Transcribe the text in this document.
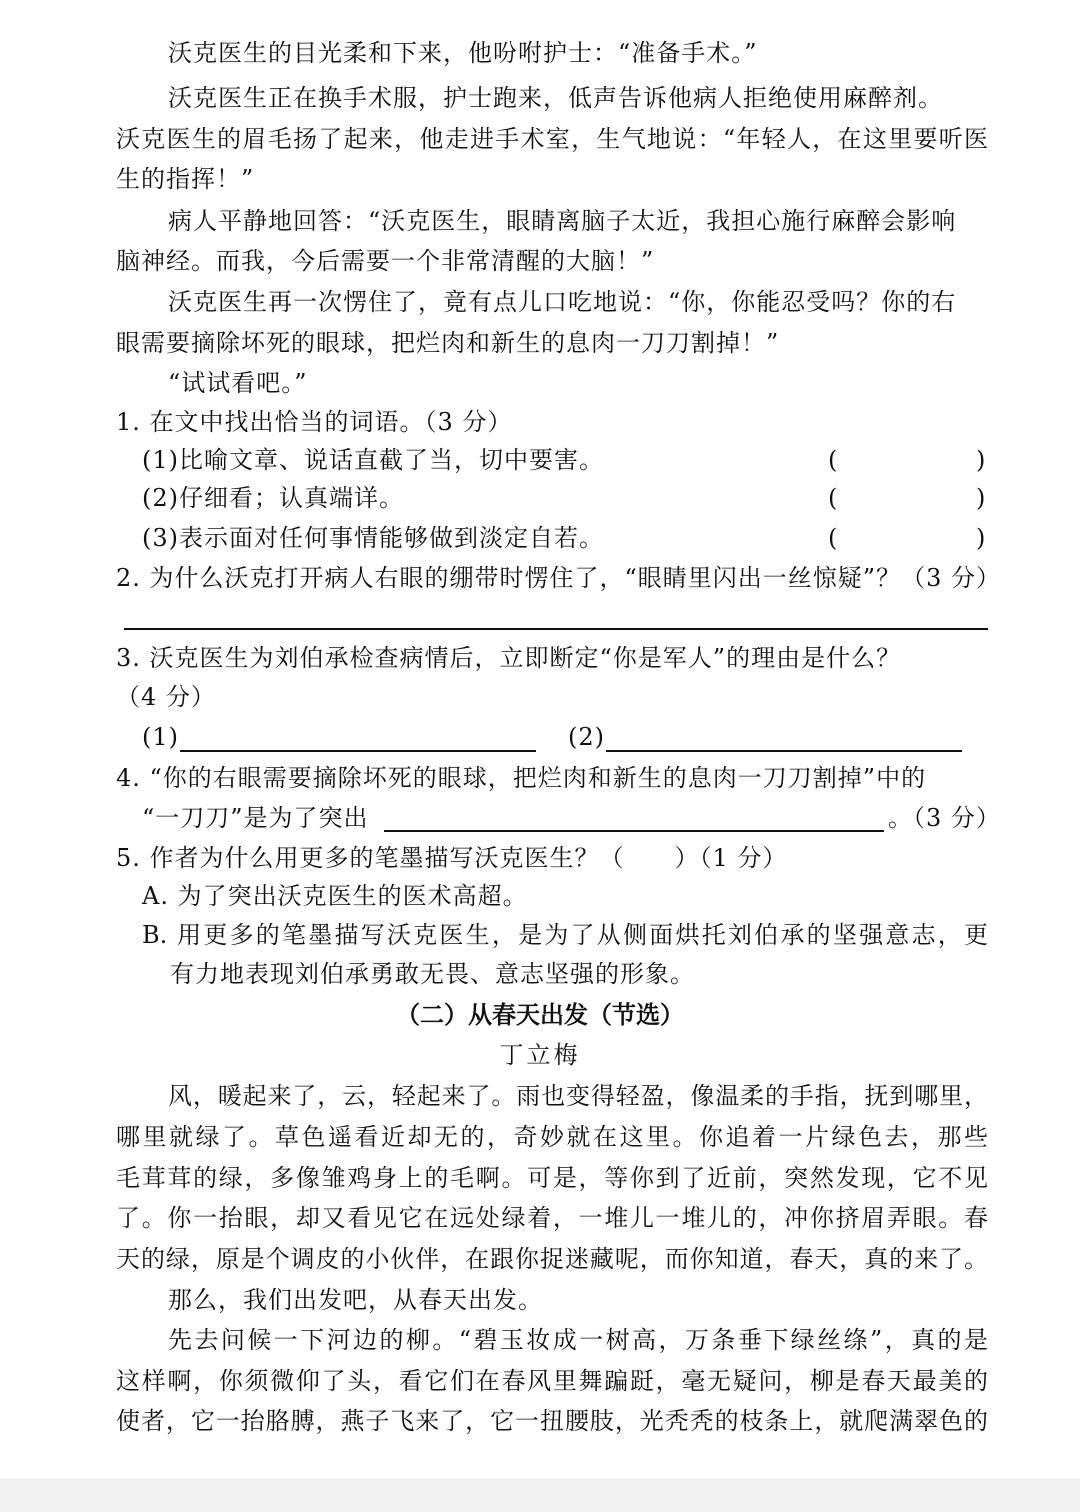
沃克医生的目光柔和下来，他吩咐护士：“准备手术。”
沃克医生正在换手术服，护士跑来，低声告诉他病人拒绝使用麻醉剂。
沃克医生的眉毛扬了起来，他走进手术室，生气地说：“年轻人，在这里要听医
生的指挥！”
病人平静地回答：“沃克医生，眼睛离脑子太近，我担心施行麻醉会影响
脑神经。而我，今后需要一个非常清醒的大脑！”
沃克医生再一次愣住了，竟有点儿口吃地说：“你，你能忍受吗？你的右
眼需要摘除坏死的眼球，把烂肉和新生的息肉一刀刀割掉！”
“试试看吧。”
1. 在文中找出恰当的词语。（3 分）
(1)比喻文章、说话直截了当，切中要害。	(	)
(2)仔细看；认真端详。	(	)
(3)表示面对任何事情能够做到淡定自若。	(	)
2. 为什么沃克打开病人右眼的绷带时愣住了，“眼睛里闪出一丝惊疑”？（3 分）
3. 沃克医生为刘伯承检查病情后，立即断定“你是军人”的理由是什么？
（4 分）
(1)	(2)
4. “你的右眼需要摘除坏死的眼球，把烂肉和新生的息肉一刀刀割掉”中的
“一刀刀”是为了突出	。（3 分）
5. 作者为什么用更多的笔墨描写沃克医生？（　　）（1 分）
A. 为了突出沃克医生的医术高超。
B. 用更多的笔墨描写沃克医生，是为了从侧面烘托刘伯承的坚强意志，更
有力地表现刘伯承勇敢无畏、意志坚强的形象。
（二）从春天出发（节选）
丁立梅
风，暖起来了，云，轻起来了。雨也变得轻盈，像温柔的手指，抚到哪里，
哪里就绿了。草色遥看近却无的，奇妙就在这里。你追着一片绿色去，那些
毛茸茸的绿，多像雏鸡身上的毛啊。可是，等你到了近前，突然发现，它不见
了。你一抬眼，却又看见它在远处绿着，一堆儿一堆儿的，冲你挤眉弄眼。春
天的绿，原是个调皮的小伙伴，在跟你捉迷藏呢，而你知道，春天，真的来了。
那么，我们出发吧，从春天出发。
先去问候一下河边的柳。“碧玉妆成一树高，万条垂下绿丝绦”，真的是
这样啊，你须微仰了头，看它们在春风里舞蹁跹，毫无疑问，柳是春天最美的
使者，它一抬胳膊，燕子飞来了，它一扭腰肢，光秃秃的枝条上，就爬满翠色的
